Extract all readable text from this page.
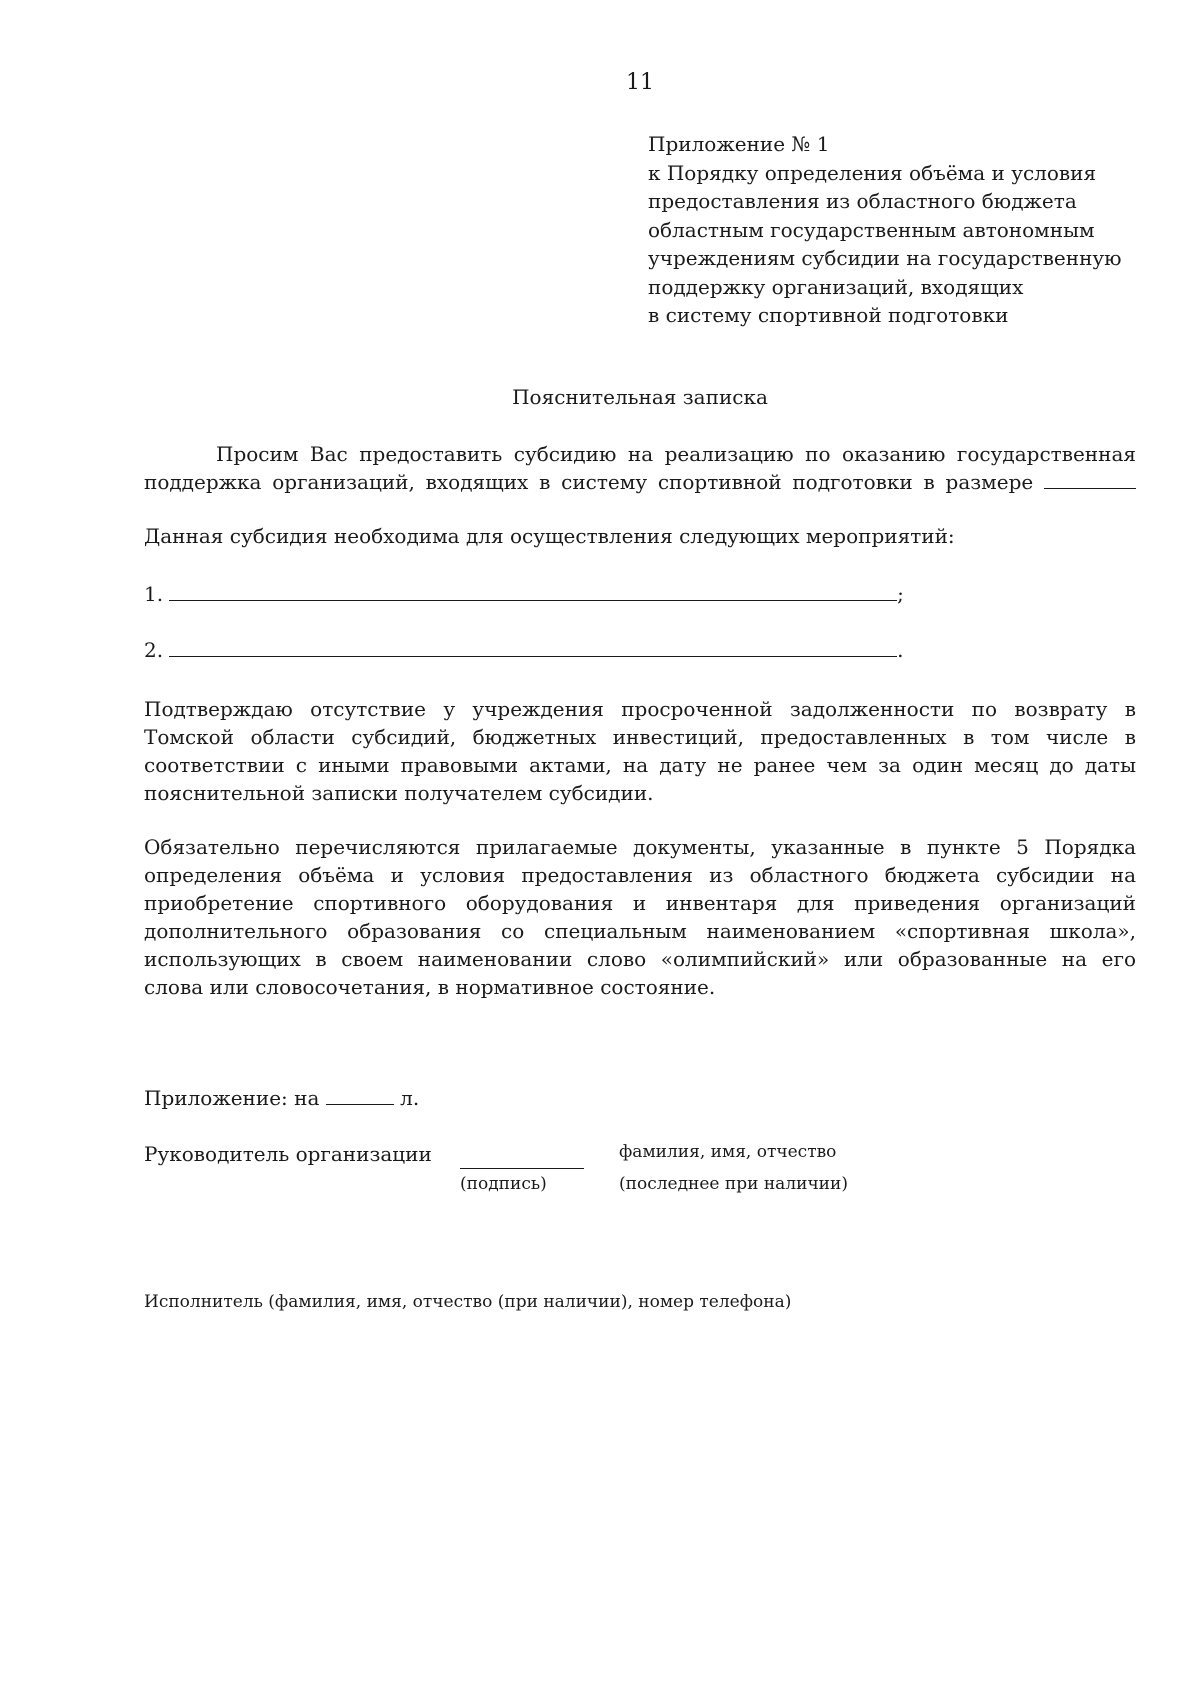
11
Приложение № 1
к Порядку определения объёма и условия
предоставления из областного бюджета
областным государственным автономным
учреждениям субсидии на государственную
поддержку организаций, входящих
в систему спортивной подготовки
Пояснительная записка
Просим Вас предоставить субсидию на реализацию по оказанию государственная
поддержка организаций, входящих в систему спортивной подготовки в размере
Данная субсидия необходима для осуществления следующих мероприятий:
1.	;
2.	.
Подтверждаю отсутствие у учреждения просроченной задолженности по возврату в
Томской области субсидий, бюджетных инвестиций, предоставленных в том числе в
соответствии с иными правовыми актами, на дату не ранее чем за один месяц до даты
пояснительной записки получателем субсидии.
Обязательно перечисляются прилагаемые документы, указанные в пункте 5 Порядка
определения объёма и условия предоставления из областного бюджета субсидии на
приобретение спортивного оборудования и инвентаря для приведения организаций
дополнительного образования со специальным наименованием «спортивная школа»,
использующих в своем наименовании слово «олимпийский» или образованные на его
слова или словосочетания, в нормативное состояние.
Приложение: на	л.
Руководитель организации
(подпись)
фамилия, имя, отчество
(последнее при наличии)
Исполнитель (фамилия, имя, отчество (при наличии), номер телефона)
